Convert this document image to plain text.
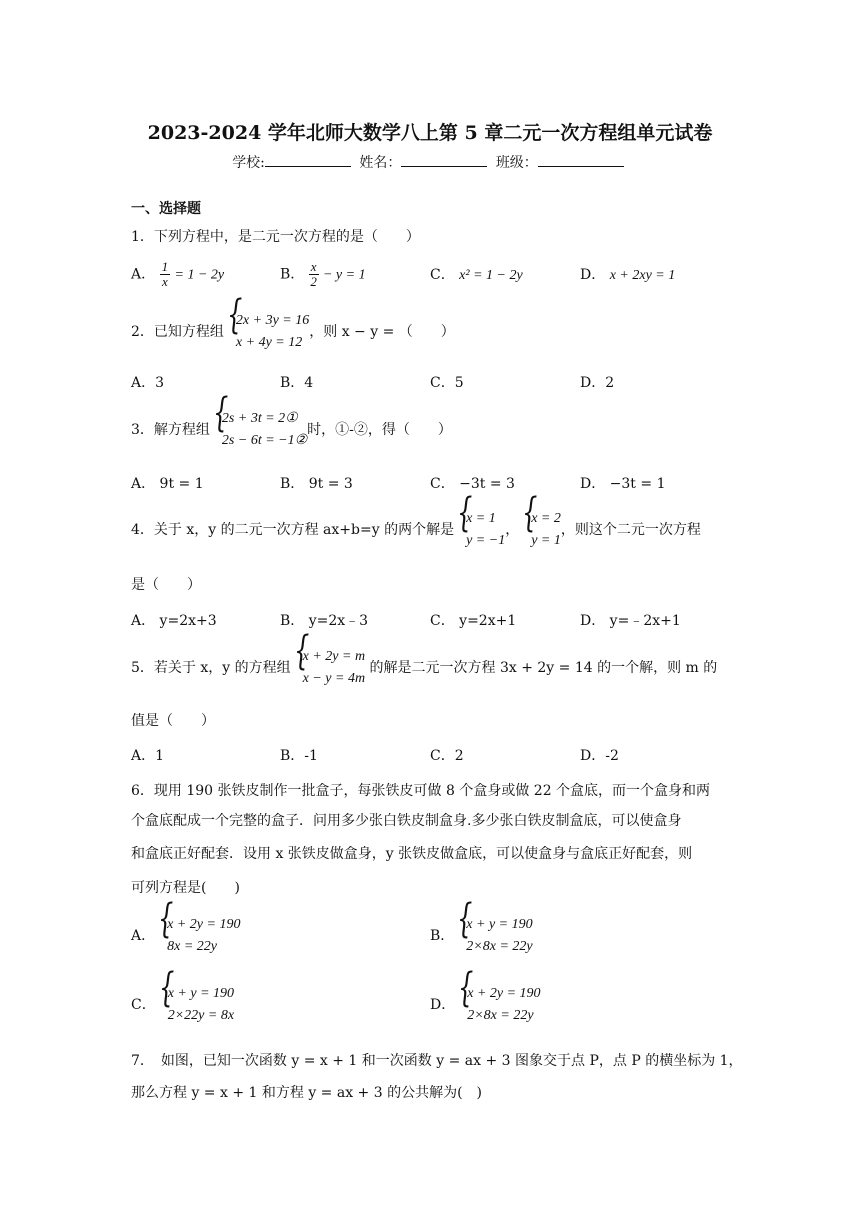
2023-2024 学年北师大数学八上第 5 章二元一次方程组单元试卷
学校:	姓名：	班级：
一、选择题
1．下列方程中，是二元一次方程的是（　　）
A． $\frac{1}{x} = 1 - 2y$	B． $\frac{x}{2} - y = 1$	C． x² = 1 − 2y	D． x + 2xy = 1
2．已知方程组
{ 2x + 3y = 16
x + 4y = 12
，则 x − y = （　　）
A．3	B．4	C．5	D．2
3．解方程组
{ 2s + 3t = 2①
2s − 6t = −1②
时，①-②，得（　　）
A． 9t = 1	B． 9t = 3	C． −3t = 3	D． −3t = 1
4．关于 x，y 的二元一次方程 ax+b=y 的两个解是
{ x = 1
y = −1
，
{ x = 2
y = 1
，则这个二元一次方程
是（　　）
A． y=2x+3	B． y=2x﹣3	C． y=2x+1	D． y=﹣2x+1
5．若关于 x，y 的方程组
{ x + 2y = m
x − y = 4m
的解是二元一次方程 3x + 2y = 14 的一个解，则 m 的
值是（　　）
A．1	B．-1	C．2	D．-2
6．现用 190 张铁皮制作一批盒子，每张铁皮可做 8 个盒身或做 22 个盒底，而一个盒身和两
个盒底配成一个完整的盒子．问用多少张白铁皮制盒身.多少张白铁皮制盒底，可以使盒身
和盒底正好配套．设用 x 张铁皮做盒身，y 张铁皮做盒底，可以使盒身与盒底正好配套，则
可列方程是(　　)
A．
{ x + 2y = 190
8x = 22y
B．
{ x + y = 190
2×8x = 22y
C．
{ x + y = 190
2×22y = 8x
D．
{ x + 2y = 190
2×8x = 22y
7．　如图，已知一次函数 y = x + 1 和一次函数 y = ax + 3 图象交于点 P，点 P 的横坐标为 1，
那么方程 y = x + 1 和方程 y = ax + 3 的公共解为(　)
